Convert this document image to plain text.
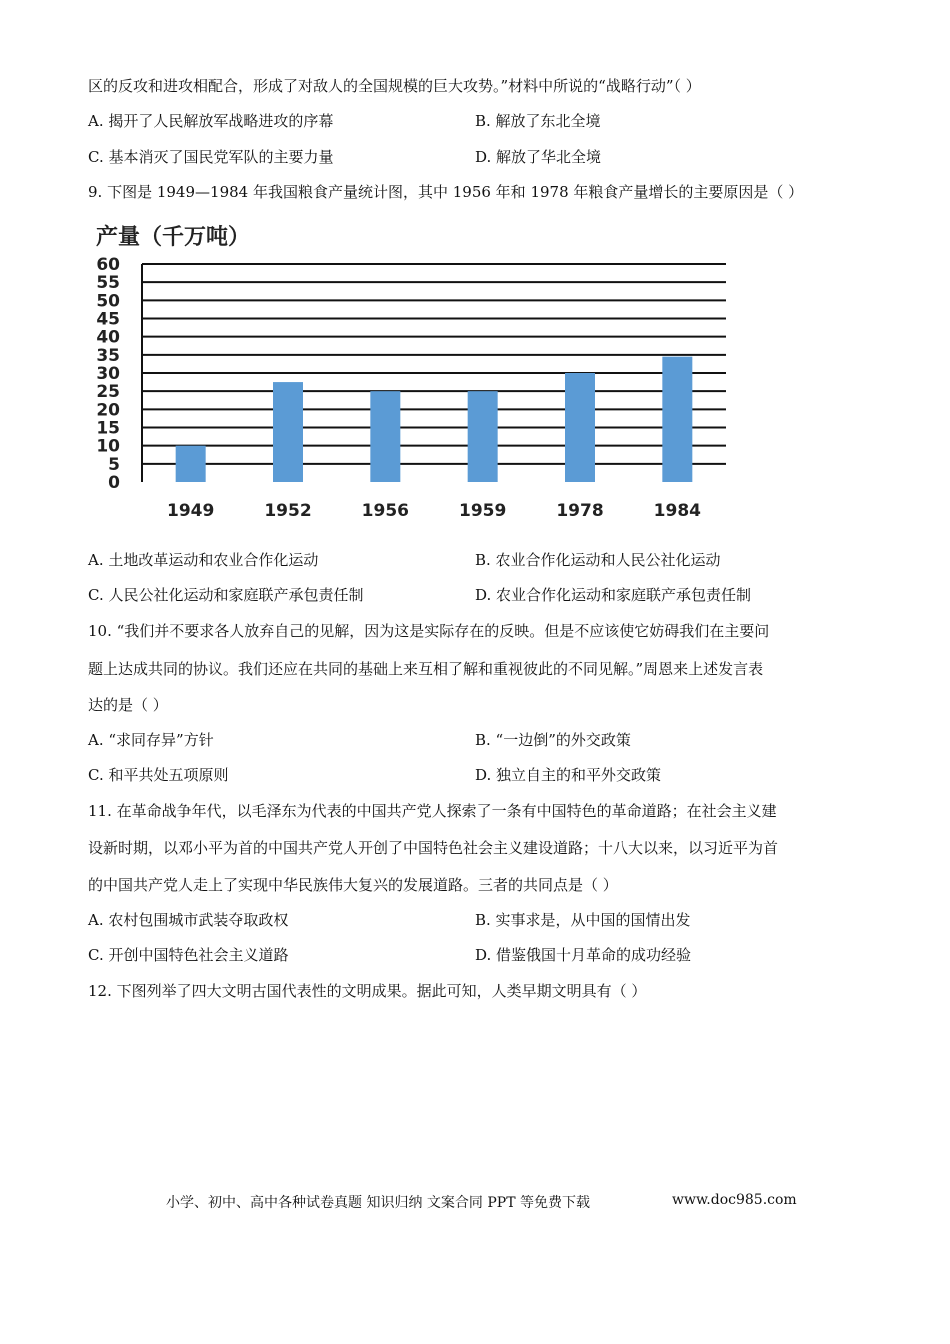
区的反攻和进攻相配合，形成了对敌人的全国规模的巨大攻势。”材料中所说的“战略行动”（ ）
A. 揭开了人民解放军战略进攻的序幕	B. 解放了东北全境
C. 基本消灭了国民党军队的主要力量	D. 解放了华北全境
9. 下图是 1949—1984 年我国粮食产量统计图，其中 1956 年和 1978 年粮食产量增长的主要原因是（ ）
产量（千万吨）
0
5
10
15
20
25
30
35
40
45
50
55
60
1949	1952	1956	1959	1978	1984
A. 土地改革运动和农业合作化运动	B. 农业合作化运动和人民公社化运动
C. 人民公社化运动和家庭联产承包责任制	D. 农业合作化运动和家庭联产承包责任制
10. “我们并不要求各人放弃自己的见解，因为这是实际存在的反映。但是不应该使它妨碍我们在主要问
题上达成共同的协议。我们还应在共同的基础上来互相了解和重视彼此的不同见解。”周恩来上述发言表
达的是（ ）
A. “求同存异”方针	B. “一边倒”的外交政策
C. 和平共处五项原则	D. 独立自主的和平外交政策
11. 在革命战争年代，以毛泽东为代表的中国共产党人探索了一条有中国特色的革命道路；在社会主义建
设新时期，以邓小平为首的中国共产党人开创了中国特色社会主义建设道路；十八大以来，以习近平为首
的中国共产党人走上了实现中华民族伟大复兴的发展道路。三者的共同点是（ ）
A. 农村包围城市武装夺取政权	B. 实事求是，从中国的国情出发
C. 开创中国特色社会主义道路	D. 借鉴俄国十月革命的成功经验
12. 下图列举了四大文明古国代表性的文明成果。据此可知，人类早期文明具有（ ）
小学、初中、高中各种试卷真题 知识归纳 文案合同 PPT 等免费下载	www.doc985.com
